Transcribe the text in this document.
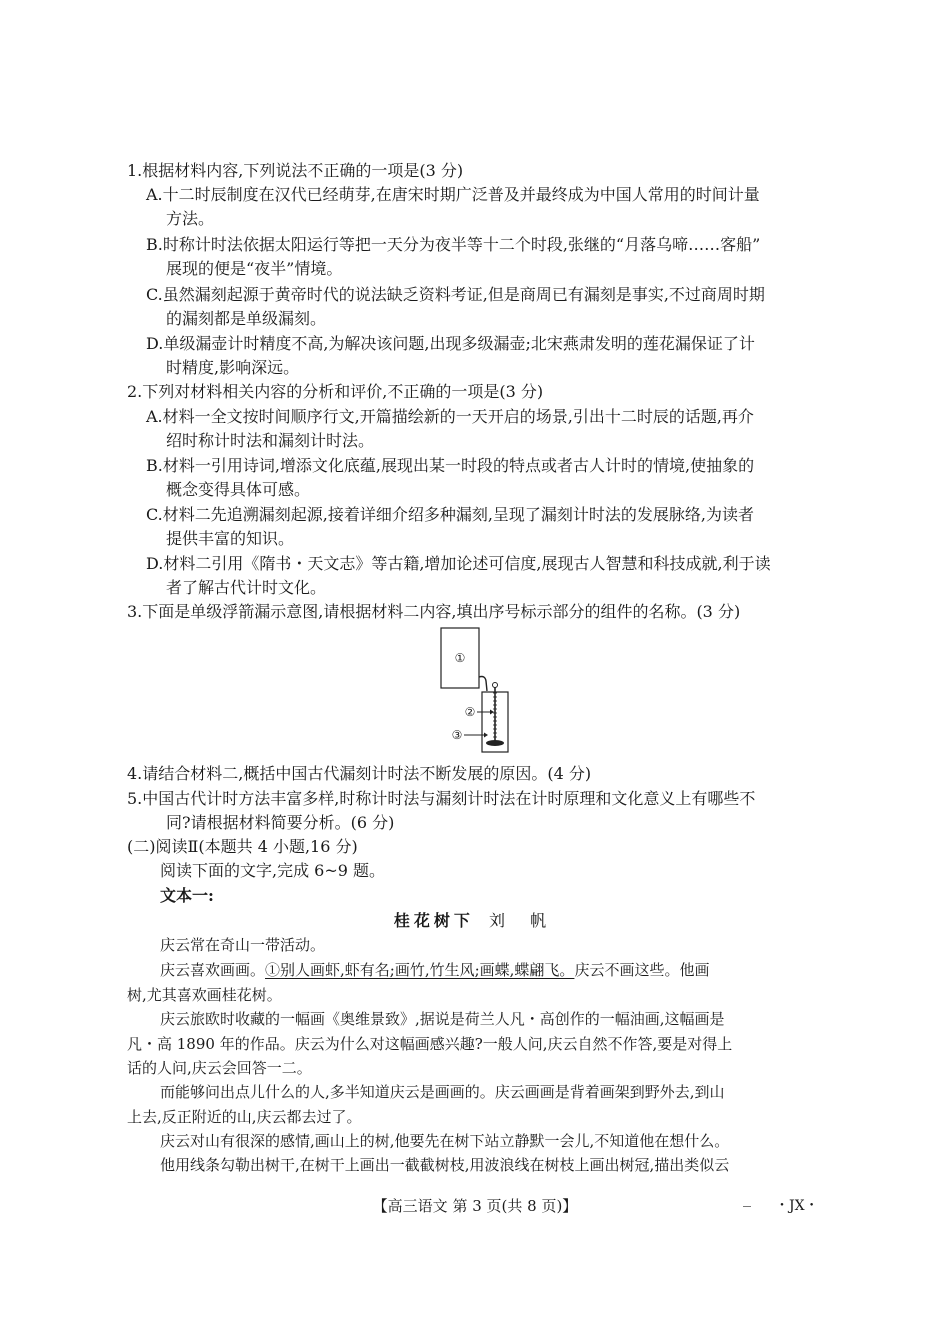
1.根据材料内容,下列说法不正确的一项是(3 分)
A.十二时辰制度在汉代已经萌芽,在唐宋时期广泛普及并最终成为中国人常用的时间计量
方法。
B.时称计时法依据太阳运行等把一天分为夜半等十二个时段,张继的“月落乌啼……客船”
展现的便是“夜半”情境。
C.虽然漏刻起源于黄帝时代的说法缺乏资料考证,但是商周已有漏刻是事实,不过商周时期
的漏刻都是单级漏刻。
D.单级漏壶计时精度不高,为解决该问题,出现多级漏壶;北宋燕肃发明的莲花漏保证了计
时精度,影响深远。
2.下列对材料相关内容的分析和评价,不正确的一项是(3 分)
A.材料一全文按时间顺序行文,开篇描绘新的一天开启的场景,引出十二时辰的话题,再介
绍时称计时法和漏刻计时法。
B.材料一引用诗词,增添文化底蕴,展现出某一时段的特点或者古人计时的情境,使抽象的
概念变得具体可感。
C.材料二先追溯漏刻起源,接着详细介绍多种漏刻,呈现了漏刻计时法的发展脉络,为读者
提供丰富的知识。
D.材料二引用《隋书・天文志》等古籍,增加论述可信度,展现古人智慧和科技成就,利于读
者了解古代计时文化。
3.下面是单级浮箭漏示意图,请根据材料二内容,填出序号标示部分的组件的名称。(3 分)
①
②
③
4.请结合材料二,概括中国古代漏刻计时法不断发展的原因。(4 分)
5.中国古代计时方法丰富多样,时称计时法与漏刻计时法在计时原理和文化意义上有哪些不
同?请根据材料简要分析。(6 分)
(二)阅读Ⅱ(本题共 4 小题,16 分)
阅读下面的文字,完成 6~9 题。
文本一:
桂花树下 刘 帆
庆云常在奇山一带活动。
庆云喜欢画画。①别人画虾,虾有名;画竹,竹生风;画蝶,蝶翩飞。庆云不画这些。他画
树,尤其喜欢画桂花树。
庆云旅欧时收藏的一幅画《奥维景致》,据说是荷兰人凡・高创作的一幅油画,这幅画是
凡・高 1890 年的作品。庆云为什么对这幅画感兴趣?一般人问,庆云自然不作答,要是对得上
话的人问,庆云会回答一二。
而能够问出点儿什么的人,多半知道庆云是画画的。庆云画画是背着画架到野外去,到山
上去,反正附近的山,庆云都去过了。
【高三语文 第 3 页(共 8 页)】	・JX・
庆云对山有很深的感情,画山上的树,他要先在树下站立静默一会儿,不知道他在想什么。
他用线条勾勒出树干,在树干上画出一截截树枝,用波浪线在树枝上画出树冠,描出类似云
